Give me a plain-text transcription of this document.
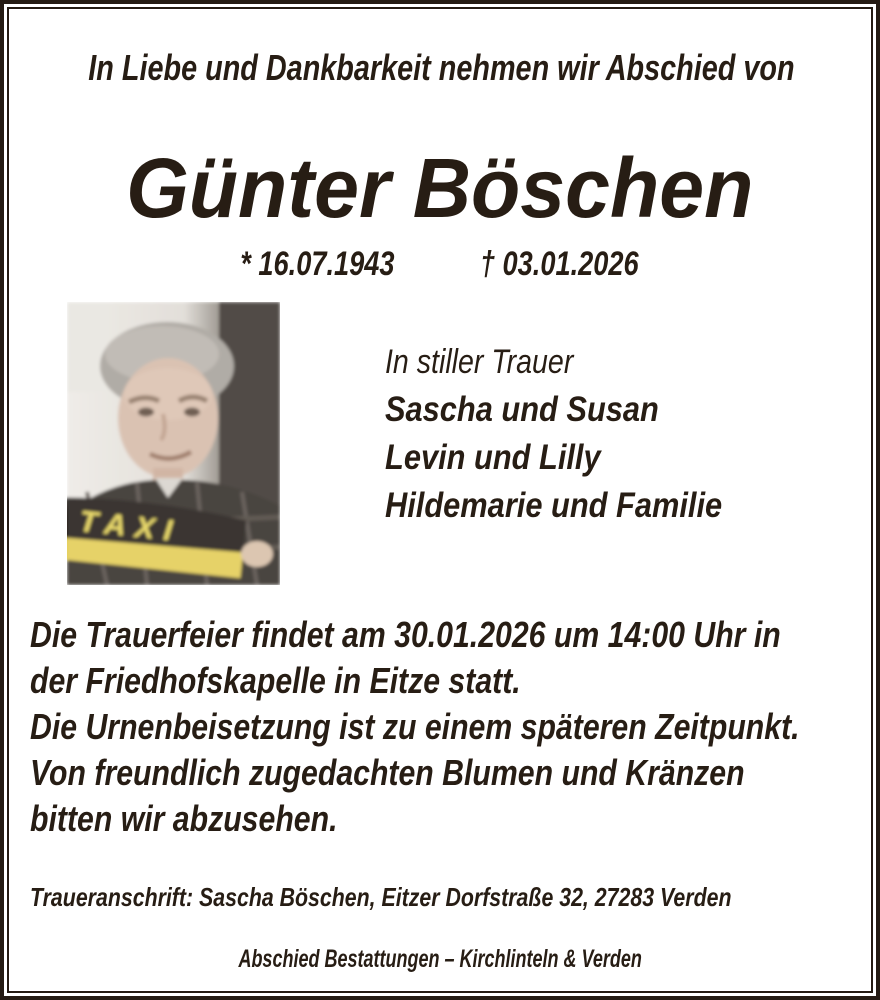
In Liebe und Dankbarkeit nehmen wir Abschied von
Günter Böschen
* 16.07.1943	† 03.01.2026
TAXI
In stiller Trauer
Sascha und Susan
Levin und Lilly
Hildemarie und Familie
Die Trauerfeier findet am 30.01.2026 um 14:00 Uhr in
der Friedhofskapelle in Eitze statt.
Die Urnenbeisetzung ist zu einem späteren Zeitpunkt.
Von freundlich zugedachten Blumen und Kränzen
bitten wir abzusehen.
Traueranschrift: Sascha Böschen, Eitzer Dorfstraße 32, 27283 Verden
Abschied Bestattungen – Kirchlinteln & Verden
